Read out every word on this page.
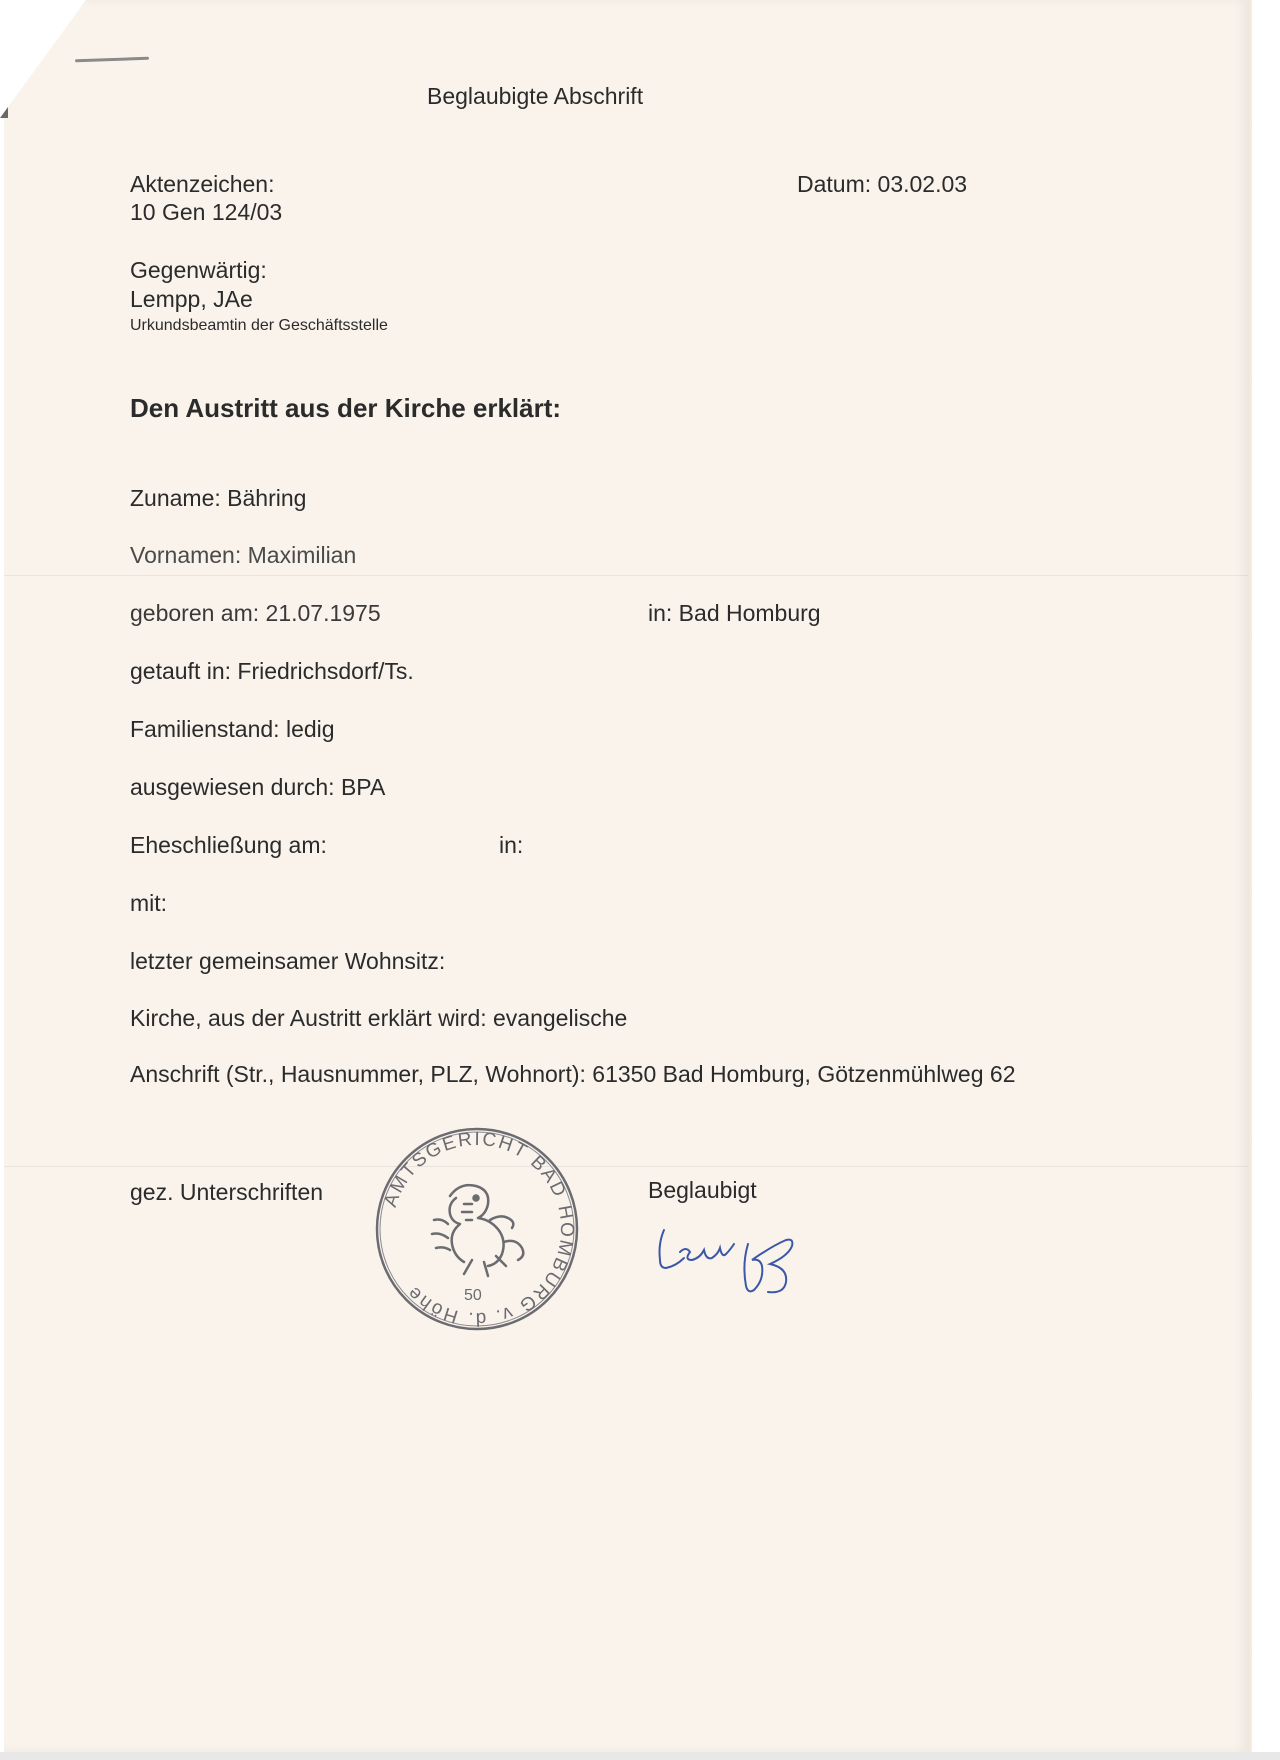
Beglaubigte Abschrift
Aktenzeichen:
10 Gen 124/03
Datum: 03.02.03
Gegenwärtig:
Lempp, JAe
Urkundsbeamtin der Geschäftsstelle
Den Austritt aus der Kirche erklärt:
Zuname: Bähring
Vornamen: Maximilian
geboren am: 21.07.1975	in: Bad Homburg
getauft in: Friedrichsdorf/Ts.
Familienstand: ledig
ausgewiesen durch: BPA
Eheschließung am:	in:
mit:
letzter gemeinsamer Wohnsitz:
Kirche, aus der Austritt erklärt wird: evangelische
Anschrift (Str., Hausnummer, PLZ, Wohnort): 61350 Bad Homburg, Götzenmühlweg 62
gez. Unterschriften	Beglaubigt
AMTSGERICHT BAD HOMBURG v. d. Höhe	50
